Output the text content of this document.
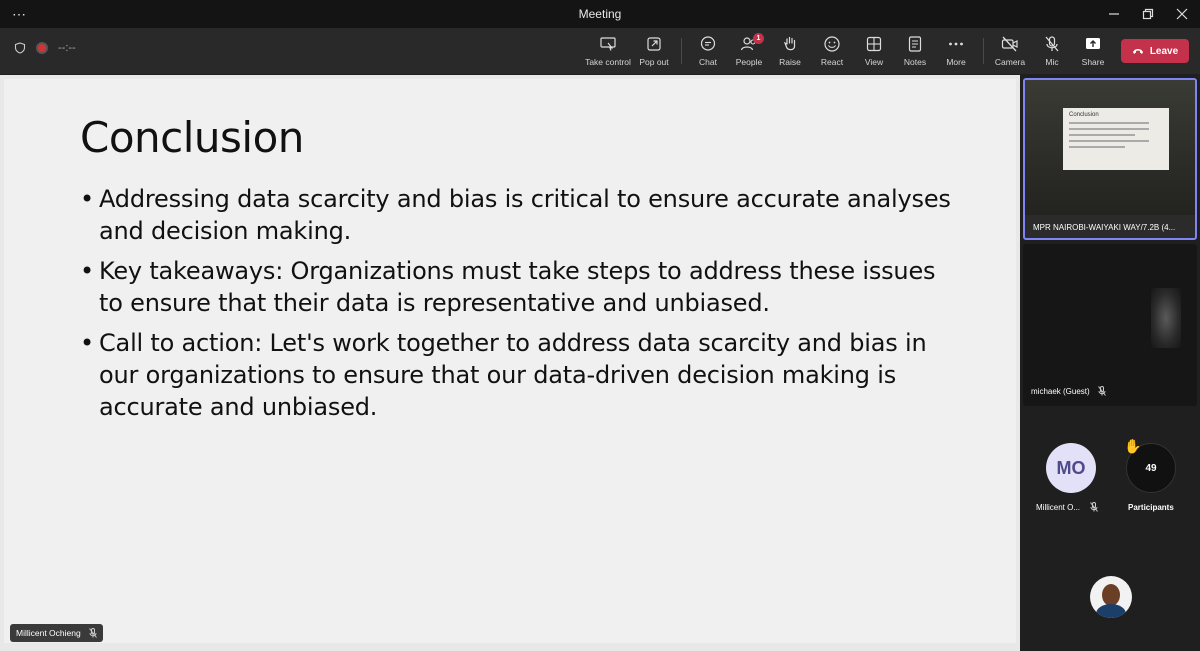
⋯	Meeting
--:--
Take control Pop out	Chat
1
People Raise React	View Notes More	Camera Mic	Share
Leave
Conclusion
• Addressing data scarcity and bias is critical to ensure accurate analyses and decision making.
• Key takeaways: Organizations must take steps to address these issues to ensure that their data is representative and unbiased.
• Call to action: Let's work together to address data scarcity and bias in our organizations to ensure that our data-driven decision making is accurate and unbiased.
Millicent Ochieng
Conclusion
MPR NAIROBI-WAIYAKI WAY/7.2B (4...
michaek (Guest)
MO
Millicent O...
49
✋
Participants
